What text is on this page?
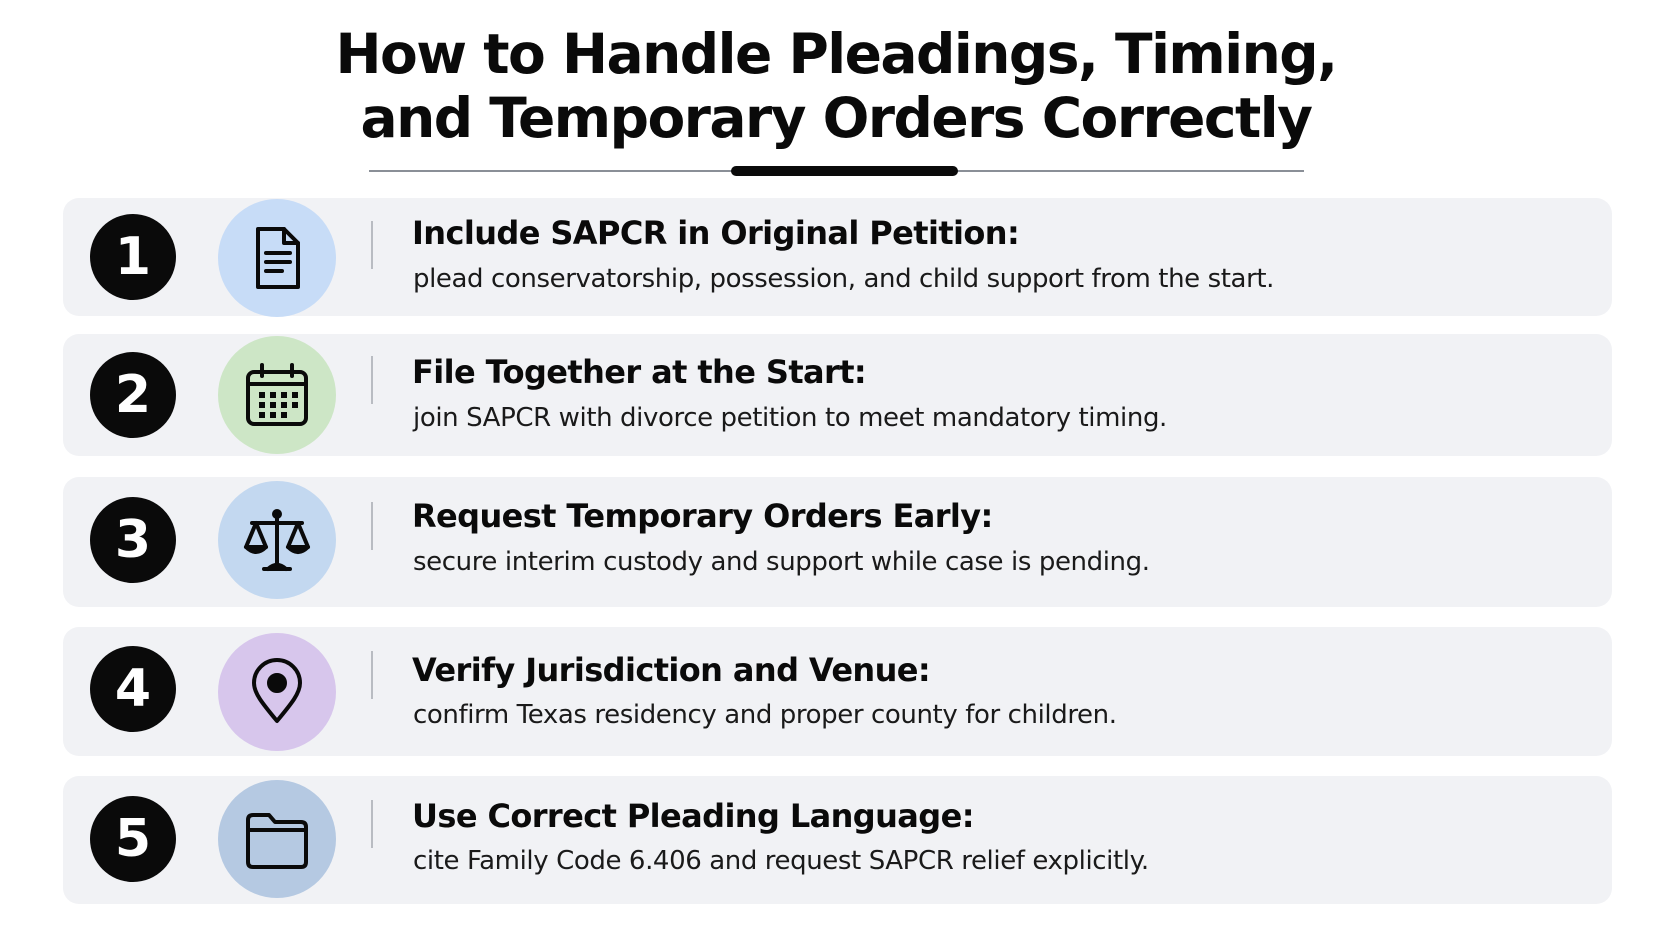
How to Handle Pleadings, Timing,
and Temporary Orders Correctly
1	Include SAPCR in Original Petition:
plead conservatorship, possession, and child support from the start.
2	File Together at the Start:
join SAPCR with divorce petition to meet mandatory timing.
3	Request Temporary Orders Early:
secure interim custody and support while case is pending.
4	Verify Jurisdiction and Venue:
confirm Texas residency and proper county for children.
5	Use Correct Pleading Language:
cite Family Code 6.406 and request SAPCR relief explicitly.
